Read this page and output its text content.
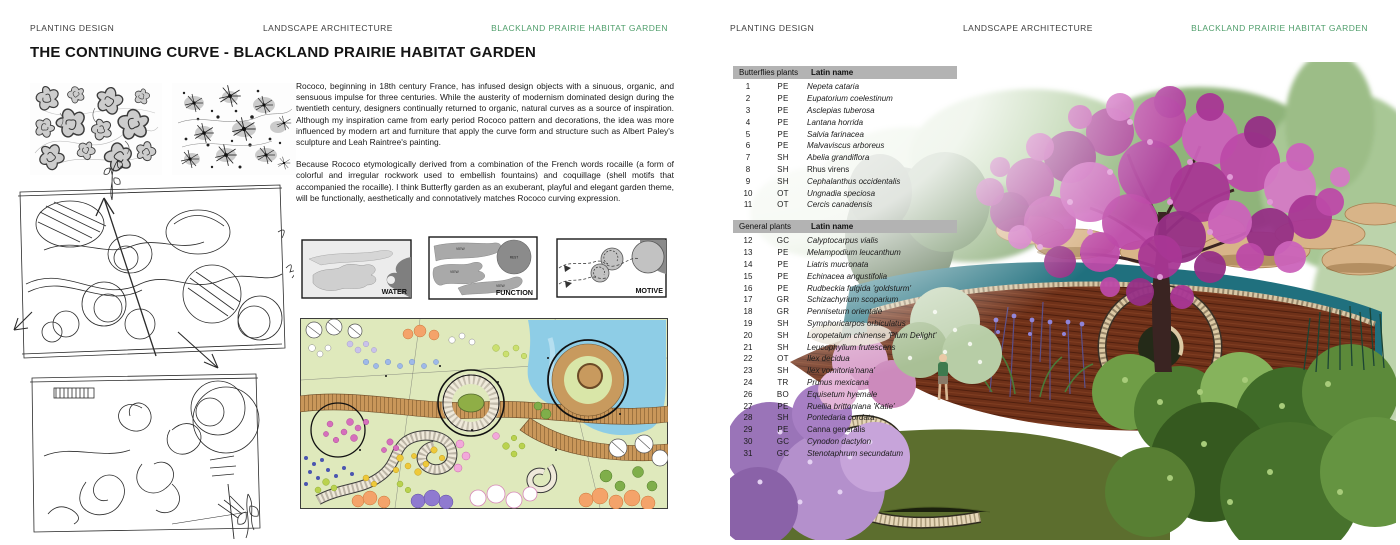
PLANTING DESIGN	LANDSCAPE ARCHITECTURE	BLACKLAND PRAIRIE HABITAT GARDEN
THE CONTINUING CURVE - BLACKLAND PRAIRIE HABITAT GARDEN

Rococo, beginning in 18th century France, has infused design objects with a sinuous, organic, and sensuous impulse for three centuries. While the austerity of modernism dominated design during the twentieth century, designers continually returned to organic, natural curves as a source of inspiration. Although my inspiration came from early period Rococo pattern and decorations, the idea was more influenced by modern art and furniture that apply the curve form and structure such as Albert Paley's sculpture and Leah Raintree's painting.

Because Rococo etymologically derived from a combination of the French words rocaille (a form of colorful and irregular rockwork used to embellish fountains) and coquillage (shell motifs that accompanied the rocaille). I think Butterfly garden as an exuberant, playful and elegant garden theme, will be functionally, aesthetically and connotatively matches Rococo curving expression.

WATER
VIEW
VIEW
VIEW
REST
FUNCTION	MOTIVE
PLANTING DESIGN	LANDSCAPE ARCHITECTURE	BLACKLAND PRAIRIE HABITAT GARDEN
Butterflies plants	Latin name
1	PE	Nepeta cataria
2	PE	Eupatorium coelestinum
3	PE	Asclepias tuberosa
4	PE	Lantana horrida
5	PE	Salvia farinacea
6	PE	Malvaviscus arboreus
7	SH	Abelia grandiflora
8	SH	Rhus virens
9	SH	Cephalanthus occidentalis
10	OT	Ungnadia speciosa
11	OT	Cercis canadensis
General plants	Latin name
12	GC	Calyptocarpus vialis
13	PE	Melampodium leucanthum
14	PE	Liatris mucronata
15	PE	Echinacea angustifolia
16	PE	Rudbeckia fulgida 'goldsturm'
17	GR	Schizachyrium scoparium
18	GR	Pennisetum orientale
19	SH	Symphoricarpos orbiculatus
20	SH	Loropetalum chinense 'Plum Delight'
21	SH	Leucophyllum frutescens
22	OT	Ilex decidua
23	SH	Ilex vomitoria'nana'
24	TR	Prunus mexicana
26	BO	Equisetum hyemale
27	PE	Ruellia brittoniana 'Katie'
28	SH	Pontedaria cordata
29	PE	Canna generalis
30	GC	Cynodon dactylon
31	GC	Stenotaphrum secundatum
